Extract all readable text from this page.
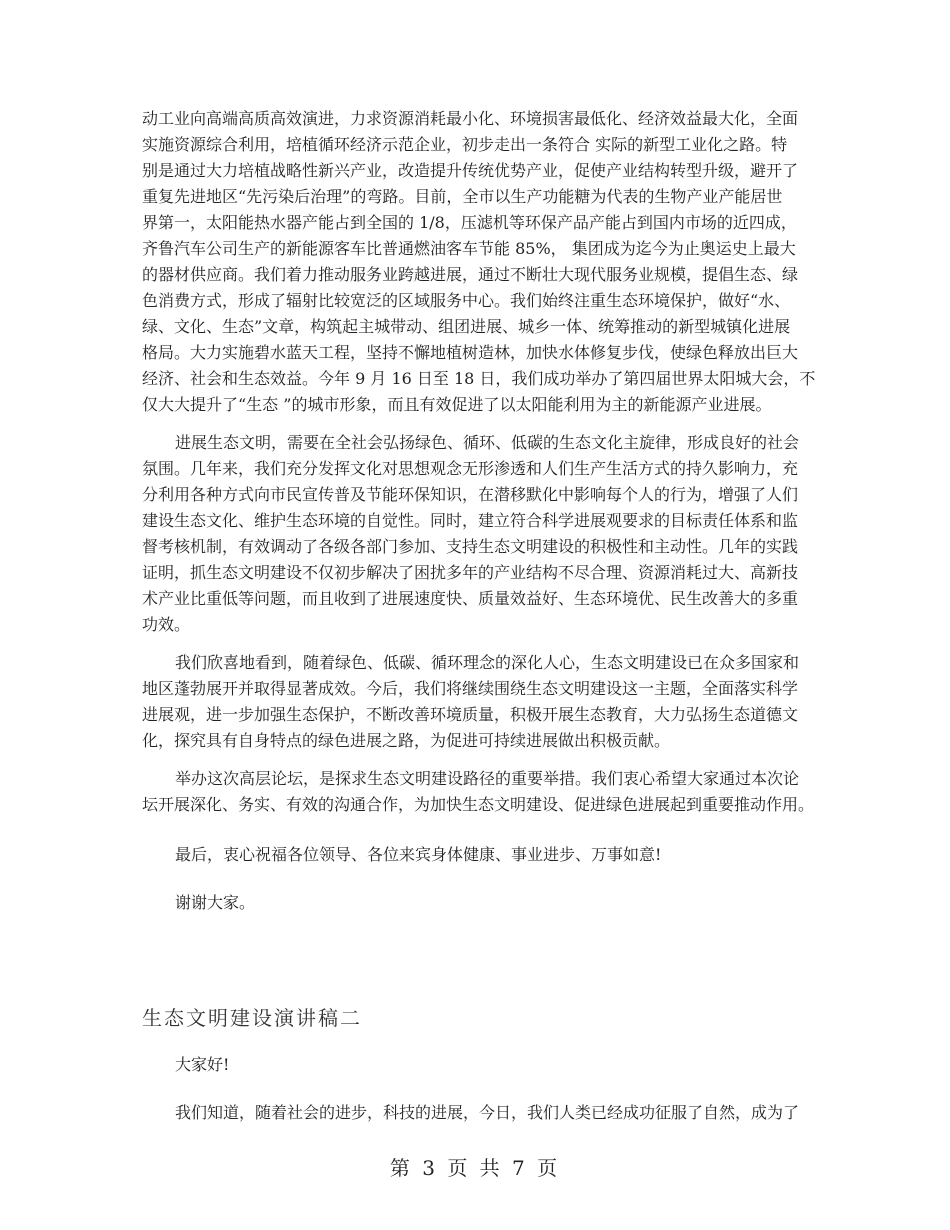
动工业向高端高质高效演进，力求资源消耗最小化、环境损害最低化、经济效益最大化，全面
实施资源综合利用，培植循环经济示范企业，初步走出一条符合 实际的新型工业化之路。特
别是通过大力培植战略性新兴产业，改造提升传统优势产业，促使产业结构转型升级，避开了
重复先进地区“先污染后治理”的弯路。目前，全市以生产功能糖为代表的生物产业产能居世
界第一，太阳能热水器产能占到全国的 1/8，压滤机等环保产品产能占到国内市场的近四成，
齐鲁汽车公司生产的新能源客车比普通燃油客车节能 85%， 集团成为迄今为止奥运史上最大
的器材供应商。我们着力推动服务业跨越进展，通过不断壮大现代服务业规模，提倡生态、绿
色消费方式，形成了辐射比较宽泛的区域服务中心。我们始终注重生态环境保护，做好“水、
绿、文化、生态”文章，构筑起主城带动、组团进展、城乡一体、统筹推动的新型城镇化进展
格局。大力实施碧水蓝天工程，坚持不懈地植树造林，加快水体修复步伐，使绿色释放出巨大
经济、社会和生态效益。今年 9 月 16 日至 18 日，我们成功举办了第四届世界太阳城大会，不
仅大大提升了“生态 ”的城市形象，而且有效促进了以太阳能利用为主的新能源产业进展。
进展生态文明，需要在全社会弘扬绿色、循环、低碳的生态文化主旋律，形成良好的社会
氛围。几年来，我们充分发挥文化对思想观念无形渗透和人们生产生活方式的持久影响力，充
分利用各种方式向市民宣传普及节能环保知识，在潜移默化中影响每个人的行为，增强了人们
建设生态文化、维护生态环境的自觉性。同时，建立符合科学进展观要求的目标责任体系和监
督考核机制，有效调动了各级各部门参加、支持生态文明建设的积极性和主动性。几年的实践
证明，抓生态文明建设不仅初步解决了困扰多年的产业结构不尽合理、资源消耗过大、高新技
术产业比重低等问题，而且收到了进展速度快、质量效益好、生态环境优、民生改善大的多重
功效。
我们欣喜地看到，随着绿色、低碳、循环理念的深化人心，生态文明建设已在众多国家和
地区蓬勃展开并取得显著成效。今后，我们将继续围绕生态文明建设这一主题，全面落实科学
进展观，进一步加强生态保护，不断改善环境质量，积极开展生态教育，大力弘扬生态道德文
化，探究具有自身特点的绿色进展之路，为促进可持续进展做出积极贡献。
举办这次高层论坛，是探求生态文明建设路径的重要举措。我们衷心希望大家通过本次论
坛开展深化、务实、有效的沟通合作，为加快生态文明建设、促进绿色进展起到重要推动作用。
最后，衷心祝福各位领导、各位来宾身体健康、事业进步、万事如意!
谢谢大家。
生态文明建设演讲稿二
大家好!
我们知道，随着社会的进步，科技的进展，今日，我们人类已经成功征服了自然，成为了
第 3 页 共 7 页
